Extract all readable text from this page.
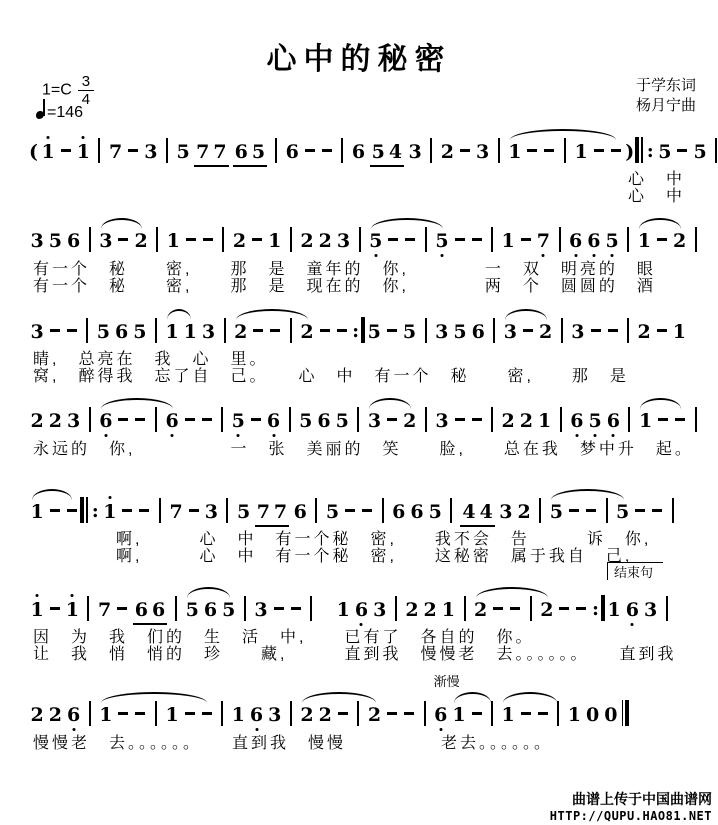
心中的秘密
$1=C \frac{3}{4}$
=146
于学东词
杨月宁曲
( 1 1 7 3 5 7 7 6 5 6	6 5 4 3 2 3 1	1 ) : 5 5
心　中
心　中
3 5 6 3 2 1	2 1 2 2 3 5	5	1 7 6 6 5 1 2
有一个　秘　　密,　　那　是　童年的　你,　　　　一　双　明亮的　眼
有一个　秘　　密,　　那　是　现在的　你,　　　　两　个　圆圆的　酒
3	5 6 5 1 1 3 2	2 : 5 5 3 5 6 3 2 3	2 1
睛,　总亮在　我　心　里。
窝,　醉得我　忘了自　己。　　心　中　有一个　秘　　密,　　那　是
2 2 3 6	6	5 6 5 6 5 3 2 3	2 2 1 6 5 6 1
永远的　你,　　　　　一　张　美丽的　笑　　脸,　　总在我　梦中升　起。
1	: 1	7 3 5 7 7 6 5	6 6 5 4 4 3 2 5	5
啊,　　　心　中　有一个秘　密,　　我不会　告　　　诉　你,
啊,　　　心　中　有一个秘　密,　　这秘密　属于我自　己,
1 1 7 6 6 5 6 5 3	1 6 3 2 2 1 2	2 :
结束句
1 6 3
因　为　我　们的　生　活　中,　　已有了　各自的　你。
让　我　悄　悄的　珍　　藏,　　　直到我　慢慢老　去。。。。。。　　直到我
2 2 6 1	1	1 6 3 2 2 2
渐慢
6 1 1	1 0 0
慢慢老　去。。。。。。　　直到我　慢慢　　　　　老去。。。。。。
曲谱上传于中国曲谱网
HTTP://QUPU.HAO81.NET
